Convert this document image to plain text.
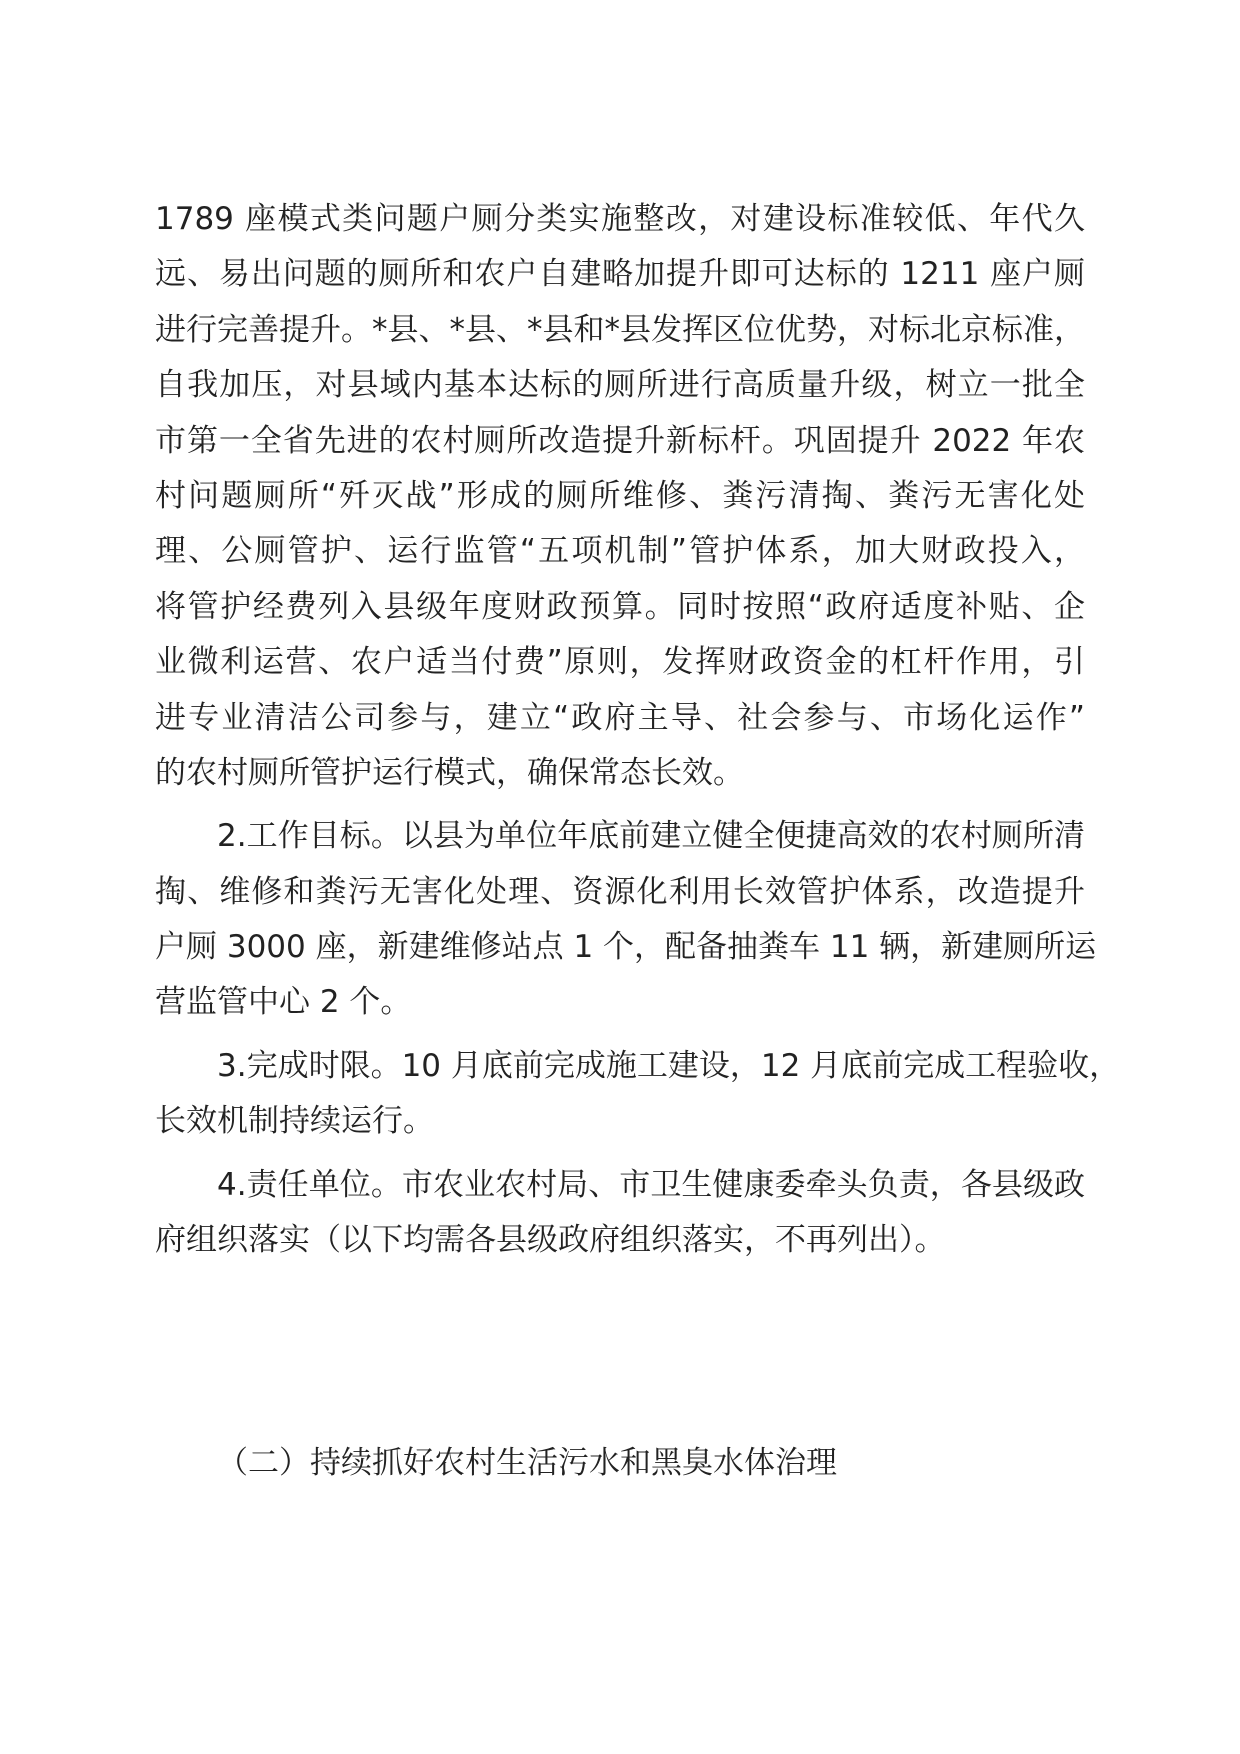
1789 座模式类问题户厕分类实施整改，对建设标准较低、年代久
远、易出问题的厕所和农户自建略加提升即可达标的 1211 座户厕
进行完善提升。*县、*县、*县和*县发挥区位优势，对标北京标准，
自我加压，对县域内基本达标的厕所进行高质量升级，树立一批全
市第一全省先进的农村厕所改造提升新标杆。巩固提升 2022 年农
村问题厕所“歼灭战”形成的厕所维修、粪污清掏、粪污无害化处
理、公厕管护、运行监管“五项机制”管护体系，加大财政投入，
将管护经费列入县级年度财政预算。同时按照“政府适度补贴、企
业微利运营、农户适当付费”原则，发挥财政资金的杠杆作用，引
进专业清洁公司参与，建立“政府主导、社会参与、市场化运作”
的农村厕所管护运行模式，确保常态长效。
2.工作目标。以县为单位年底前建立健全便捷高效的农村厕所清
掏、维修和粪污无害化处理、资源化利用长效管护体系，改造提升
户厕 3000 座，新建维修站点 1 个，配备抽粪车 11 辆，新建厕所运
营监管中心 2 个。
3.完成时限。10 月底前完成施工建设，12 月底前完成工程验收，
长效机制持续运行。
4.责任单位。市农业农村局、市卫生健康委牵头负责，各县级政
府组织落实（以下均需各县级政府组织落实，不再列出）。
（二）持续抓好农村生活污水和黑臭水体治理
